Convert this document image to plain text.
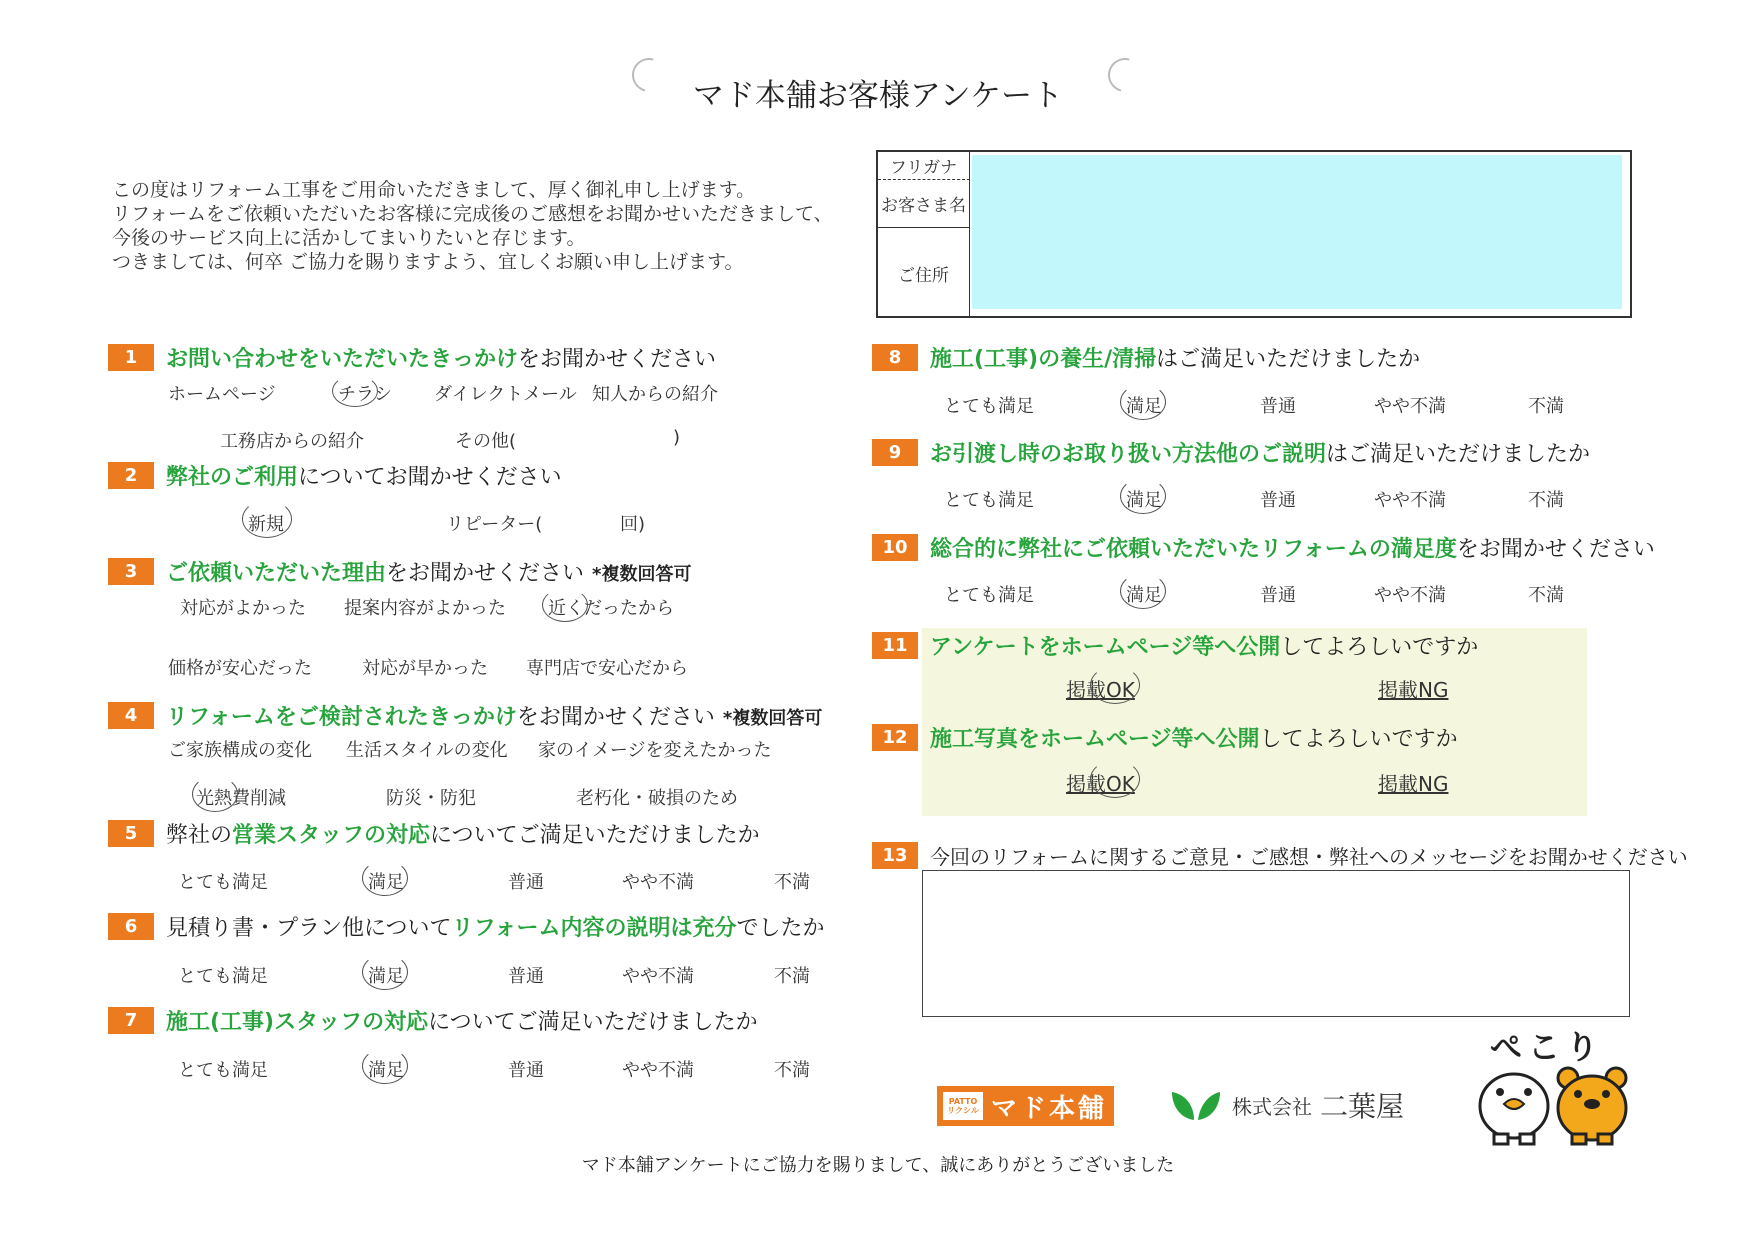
マド本舗お客様アンケート
この度はリフォーム工事をご用命いただきまして、厚く御礼申し上げます。
リフォームをご依頼いただいたお客様に完成後のご感想をお聞かせいただきまして、
今後のサービス向上に活かしてまいりたいと存じます。
つきましては、何卒 ご協力を賜りますよう、宜しくお願い申し上げます。
フリガナ
お客さま名
ご住所
1	お問い合わせをいただいたきっかけをお聞かせください
ホームページ	チラシ ダイレクトメール 知人からの紹介
工務店からの紹介	その他(	)
2	弊社のご利用についてお聞かせください
新規	リピーター(	回)
3	ご依頼いただいた理由をお聞かせください *複数回答可
対応がよかった 提案内容がよかった 近くだったから
価格が安心だった	対応が早かった 専門店で安心だから
4	リフォームをご検討されたきっかけをお聞かせください *複数回答可
ご家族構成の変化 生活スタイルの変化 家のイメージを変えたかった
光熱費削減	防災・防犯	老朽化・破損のため
5	弊社の営業スタッフの対応についてご満足いただけましたか
とても満足	満足	普通	やや不満	不満
6	見積り書・プラン他についてリフォーム内容の説明は充分でしたか
とても満足	満足	普通	やや不満	不満
7	施工(工事)スタッフの対応についてご満足いただけましたか
とても満足	満足	普通	やや不満	不満
8	施工(工事)の養生/清掃はご満足いただけましたか
とても満足	満足	普通	やや不満	不満
9	お引渡し時のお取り扱い方法他のご説明はご満足いただけましたか
とても満足	満足	普通	やや不満	不満
10	総合的に弊社にご依頼いただいたリフォームの満足度をお聞かせください
とても満足	満足	普通	やや不満	不満
11	アンケートをホームページ等へ公開してよろしいですか
掲載OK	掲載NG
12	施工写真をホームページ等へ公開してよろしいですか
掲載OK	掲載NG
13	今回のリフォームに関するご意見・ご感想・弊社へのメッセージをお聞かせください
PATTO
リクシル マド本舗	株式会社 二葉屋
ぺこり
マド本舗アンケートにご協力を賜りまして、誠にありがとうございました
